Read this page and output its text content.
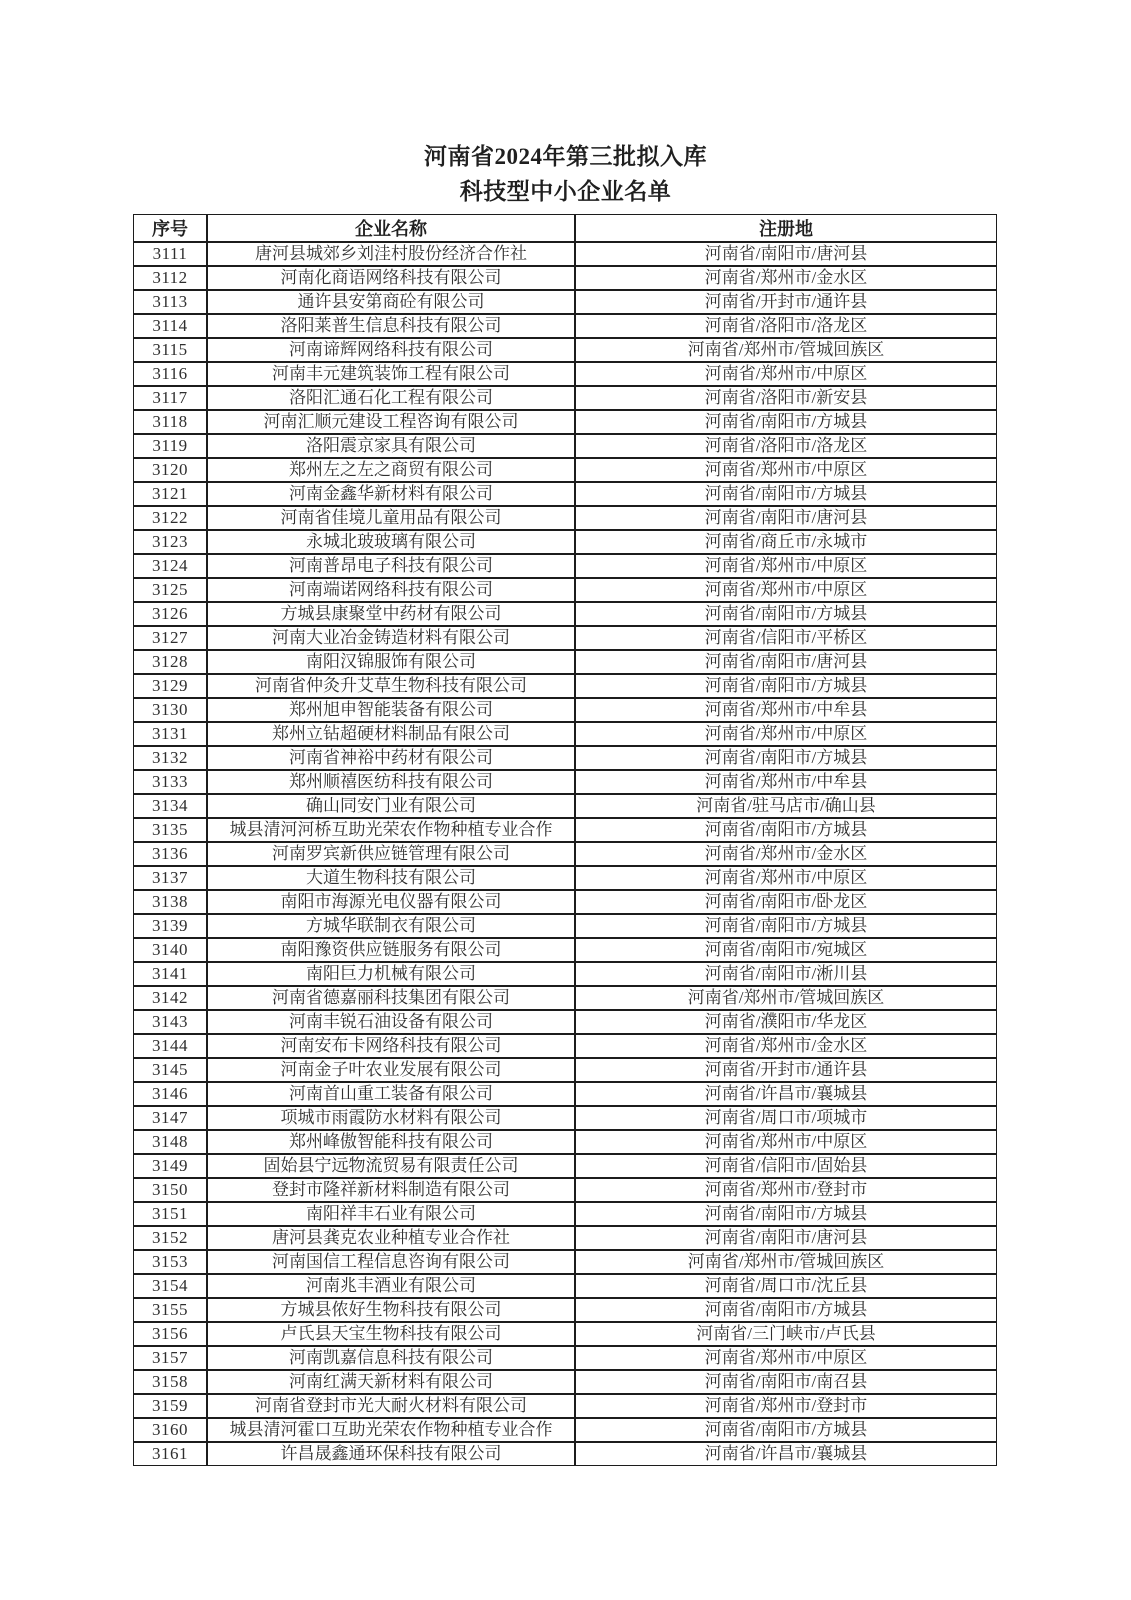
河南省2024年第三批拟入库
科技型中小企业名单
序号	企业名称	注册地
3111	唐河县城郊乡刘洼村股份经济合作社	河南省/南阳市/唐河县
3112	河南化商语网络科技有限公司	河南省/郑州市/金水区
3113	通许县安第商砼有限公司	河南省/开封市/通许县
3114	洛阳莱普生信息科技有限公司	河南省/洛阳市/洛龙区
3115	河南谛辉网络科技有限公司	河南省/郑州市/管城回族区
3116	河南丰元建筑装饰工程有限公司	河南省/郑州市/中原区
3117	洛阳汇通石化工程有限公司	河南省/洛阳市/新安县
3118	河南汇顺元建设工程咨询有限公司	河南省/南阳市/方城县
3119	洛阳震京家具有限公司	河南省/洛阳市/洛龙区
3120	郑州左之左之商贸有限公司	河南省/郑州市/中原区
3121	河南金鑫华新材料有限公司	河南省/南阳市/方城县
3122	河南省佳境儿童用品有限公司	河南省/南阳市/唐河县
3123	永城北玻玻璃有限公司	河南省/商丘市/永城市
3124	河南普昂电子科技有限公司	河南省/郑州市/中原区
3125	河南端诺网络科技有限公司	河南省/郑州市/中原区
3126	方城县康聚堂中药材有限公司	河南省/南阳市/方城县
3127	河南大业冶金铸造材料有限公司	河南省/信阳市/平桥区
3128	南阳汉锦服饰有限公司	河南省/南阳市/唐河县
3129	河南省仲灸升艾草生物科技有限公司	河南省/南阳市/方城县
3130	郑州旭申智能装备有限公司	河南省/郑州市/中牟县
3131	郑州立钻超硬材料制品有限公司	河南省/郑州市/中原区
3132	河南省神裕中药材有限公司	河南省/南阳市/方城县
3133	郑州顺禧医纺科技有限公司	河南省/郑州市/中牟县
3134	确山同安门业有限公司	河南省/驻马店市/确山县
3135	城县清河河桥互助光荣农作物种植专业合作	河南省/南阳市/方城县
3136	河南罗宾新供应链管理有限公司	河南省/郑州市/金水区
3137	大道生物科技有限公司	河南省/郑州市/中原区
3138	南阳市海源光电仪器有限公司	河南省/南阳市/卧龙区
3139	方城华联制衣有限公司	河南省/南阳市/方城县
3140	南阳豫资供应链服务有限公司	河南省/南阳市/宛城区
3141	南阳巨力机械有限公司	河南省/南阳市/淅川县
3142	河南省德嘉丽科技集团有限公司	河南省/郑州市/管城回族区
3143	河南丰锐石油设备有限公司	河南省/濮阳市/华龙区
3144	河南安布卡网络科技有限公司	河南省/郑州市/金水区
3145	河南金子叶农业发展有限公司	河南省/开封市/通许县
3146	河南首山重工装备有限公司	河南省/许昌市/襄城县
3147	项城市雨霞防水材料有限公司	河南省/周口市/项城市
3148	郑州峰傲智能科技有限公司	河南省/郑州市/中原区
3149	固始县宁远物流贸易有限责任公司	河南省/信阳市/固始县
3150	登封市隆祥新材料制造有限公司	河南省/郑州市/登封市
3151	南阳祥丰石业有限公司	河南省/南阳市/方城县
3152	唐河县龚克农业种植专业合作社	河南省/南阳市/唐河县
3153	河南国信工程信息咨询有限公司	河南省/郑州市/管城回族区
3154	河南兆丰酒业有限公司	河南省/周口市/沈丘县
3155	方城县侬好生物科技有限公司	河南省/南阳市/方城县
3156	卢氏县天宝生物科技有限公司	河南省/三门峡市/卢氏县
3157	河南凯嘉信息科技有限公司	河南省/郑州市/中原区
3158	河南红满天新材料有限公司	河南省/南阳市/南召县
3159	河南省登封市光大耐火材料有限公司	河南省/郑州市/登封市
3160	城县清河霍口互助光荣农作物种植专业合作	河南省/南阳市/方城县
3161	许昌晟鑫通环保科技有限公司	河南省/许昌市/襄城县
